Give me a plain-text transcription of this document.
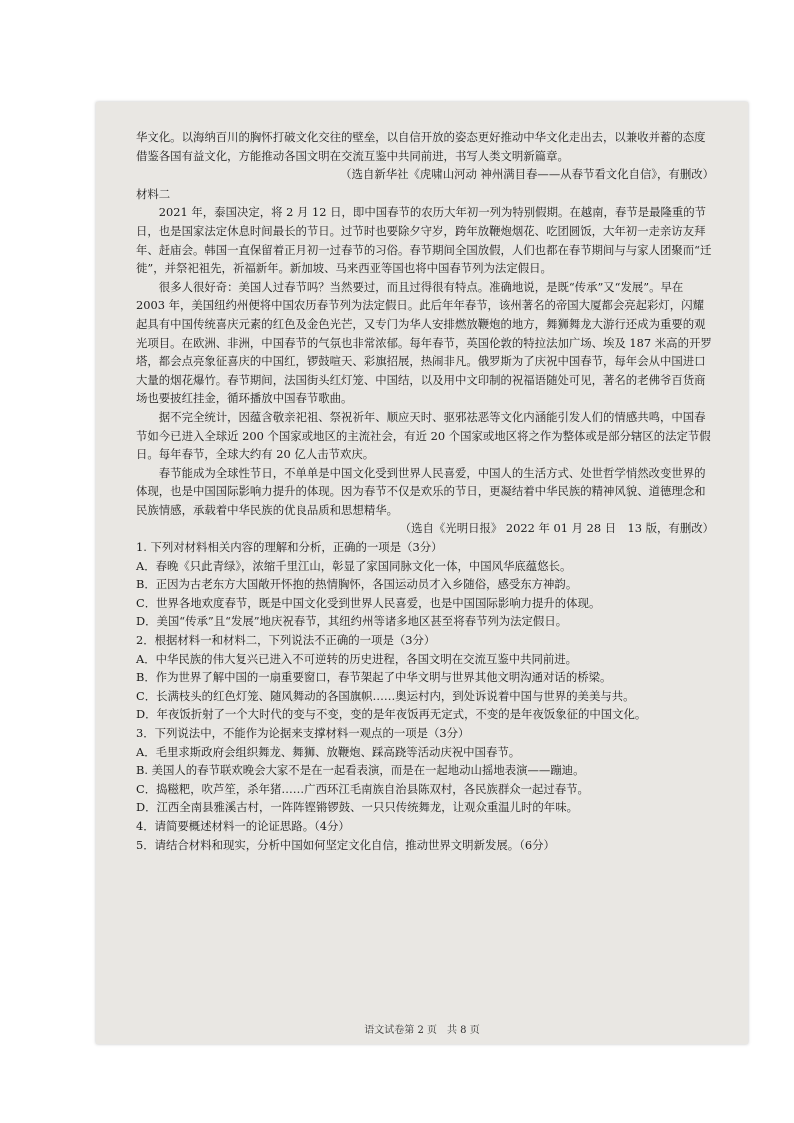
华文化。以海纳百川的胸怀打破文化交往的壁垒，以自信开放的姿态更好推动中华文化走出去，以兼收并蓄的态度借鉴各国有益文化，方能推动各国文明在交流互鉴中共同前进，书写人类文明新篇章。

（选自新华社《虎啸山河动 神州满目春——从春节看文化自信》，有删改）

材料二

2021 年，泰国决定，将 2 月 12 日，即中国春节的农历大年初一列为特别假期。在越南，春节是最隆重的节日，也是国家法定休息时间最长的节日。过节时也要除夕守岁，跨年放鞭炮烟花、吃团圆饭，大年初一走亲访友拜年、赶庙会。韩国一直保留着正月初一过春节的习俗。春节期间全国放假，人们也都在春节期间与与家人团聚而“迁徙”，并祭祀祖先，祈福新年。新加坡、马来西亚等国也将中国春节列为法定假日。

很多人很好奇：美国人过春节吗？当然要过，而且过得很有特点。准确地说，是既“传承”又“发展”。早在 2003 年，美国纽约州便将中国农历春节列为法定假日。此后年年春节，该州著名的帝国大厦都会亮起彩灯，闪耀起具有中国传统喜庆元素的红色及金色光芒，又专门为华人安排燃放鞭炮的地方，舞狮舞龙大游行还成为重要的观光项目。在欧洲、非洲，中国春节的气氛也非常浓郁。每年春节，英国伦敦的特拉法加广场、埃及 187 米高的开罗塔，都会点亮象征喜庆的中国红，锣鼓喧天、彩旗招展，热闹非凡。俄罗斯为了庆祝中国春节，每年会从中国进口大量的烟花爆竹。春节期间，法国街头红灯笼、中国结，以及用中文印制的祝福语随处可见，著名的老佛爷百货商场也要披红挂金，循环播放中国春节歌曲。

据不完全统计，因蕴含敬亲祀祖、祭祝祈年、顺应天时、驱邪祛恶等文化内涵能引发人们的情感共鸣，中国春节如今已进入全球近 200 个国家或地区的主流社会，有近 20 个国家或地区将之作为整体或是部分辖区的法定节假日。每年春节，全球大约有 20 亿人击节欢庆。

春节能成为全球性节日，不单单是中国文化受到世界人民喜爱，中国人的生活方式、处世哲学悄然改变世界的体现，也是中国国际影响力提升的体现。因为春节不仅是欢乐的节日，更凝结着中华民族的精神风貌、道德理念和民族情感，承载着中华民族的优良品质和思想精华。

（选自《光明日报》 2022 年 01 月 28 日　13 版，有删改）

1. 下列对材料相关内容的理解和分析，正确的一项是（3分）

A．春晚《只此青绿》，浓缩千里江山，彰显了家国同脉文化一体，中国风华底蕴悠长。

B．正因为古老东方大国敞开怀抱的热情胸怀，各国运动员才入乡随俗，感受东方神韵。

C．世界各地欢度春节，既是中国文化受到世界人民喜爱，也是中国国际影响力提升的体现。

D．美国“传承”且“发展”地庆祝春节，其纽约州等诸多地区甚至将春节列为法定假日。

2．根据材料一和材料二，下列说法不正确的一项是（3分）

A．中华民族的伟大复兴已进入不可逆转的历史进程，各国文明在交流互鉴中共同前进。

B．作为世界了解中国的一扇重要窗口，春节架起了中华文明与世界其他文明沟通对话的桥梁。

C．长满枝头的红色灯笼、随风舞动的各国旗帜……奥运村内，到处诉说着中国与世界的美美与共。

D．年夜饭折射了一个大时代的变与不变，变的是年夜饭再无定式，不变的是年夜饭象征的中国文化。

3．下列说法中，不能作为论据来支撑材料一观点的一项是（3分）

A．毛里求斯政府会组织舞龙、舞狮、放鞭炮、踩高跷等活动庆祝中国春节。

B. 美国人的春节联欢晚会大家不是在一起看表演，而是在一起地动山摇地表演——蹦迪。

C．捣糍粑，吹芦笙，杀年猪……广西环江毛南族自治县陈双村，各民族群众一起过春节。

D．江西全南县雅溪古村，一阵阵铿锵锣鼓、一只只传统舞龙，让观众重温儿时的年味。

4．请简要概述材料一的论证思路。（4分）

5．请结合材料和现实，分析中国如何坚定文化自信，推动世界文明新发展。（6分）

语文试卷第 2 页　共 8 页
